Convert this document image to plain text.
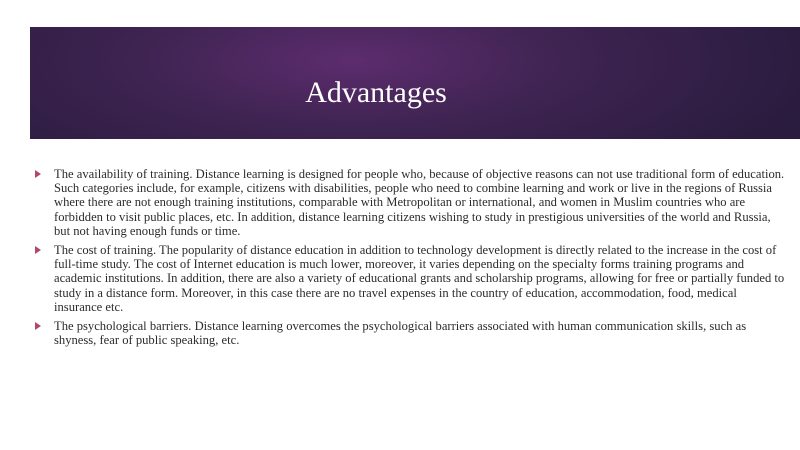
Advantages
The availability of training. Distance learning is designed for people who, because of objective reasons can not use traditional form of education. Such categories include, for example, citizens with disabilities, people who need to combine learning and work or live in the regions of Russia where there are not enough training institutions, comparable with Metropolitan or international, and women in Muslim countries who are forbidden to visit public places, etc. In addition, distance learning citizens wishing to study in prestigious universities of the world and Russia, but not having enough funds or time.
The cost of training. The popularity of distance education in addition to technology development is directly related to the increase in the cost of full-time study. The cost of Internet education is much lower, moreover, it varies depending on the specialty forms training programs and academic institutions. In addition, there are also a variety of educational grants and scholarship programs, allowing for free or partially funded to study in a distance form. Moreover, in this case there are no travel expenses in the country of education, accommodation, food, medical insurance etc.
The psychological barriers. Distance learning overcomes the psychological barriers associated with human communication skills, such as shyness, fear of public speaking, etc.
